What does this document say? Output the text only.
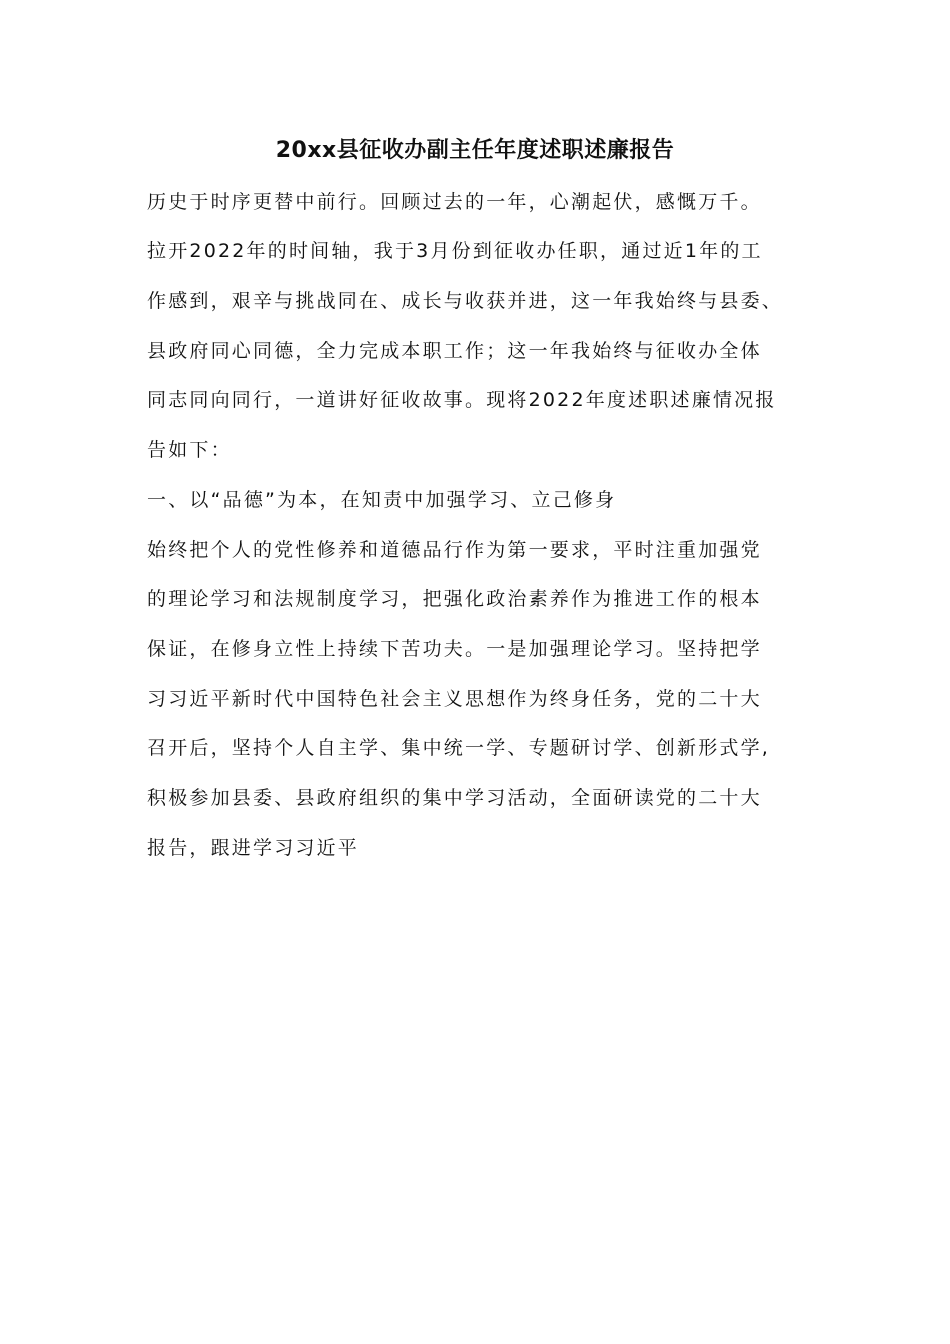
20xx县征收办副主任年度述职述廉报告
历史于时序更替中前行。回顾过去的一年，心潮起伏，感慨万千。
拉开2022年的时间轴，我于3月份到征收办任职，通过近1年的工
作感到，艰辛与挑战同在、成长与收获并进，这一年我始终与县委、
县政府同心同德，全力完成本职工作；这一年我始终与征收办全体
同志同向同行，一道讲好征收故事。现将2022年度述职述廉情况报
告如下：
一、以“品德”为本，在知责中加强学习、立己修身
始终把个人的党性修养和道德品行作为第一要求，平时注重加强党
的理论学习和法规制度学习，把强化政治素养作为推进工作的根本
保证，在修身立性上持续下苦功夫。一是加强理论学习。坚持把学
习习近平新时代中国特色社会主义思想作为终身任务，党的二十大
召开后，坚持个人自主学、集中统一学、专题研讨学、创新形式学,
积极参加县委、县政府组织的集中学习活动，全面研读党的二十大
报告，跟进学习习近平
